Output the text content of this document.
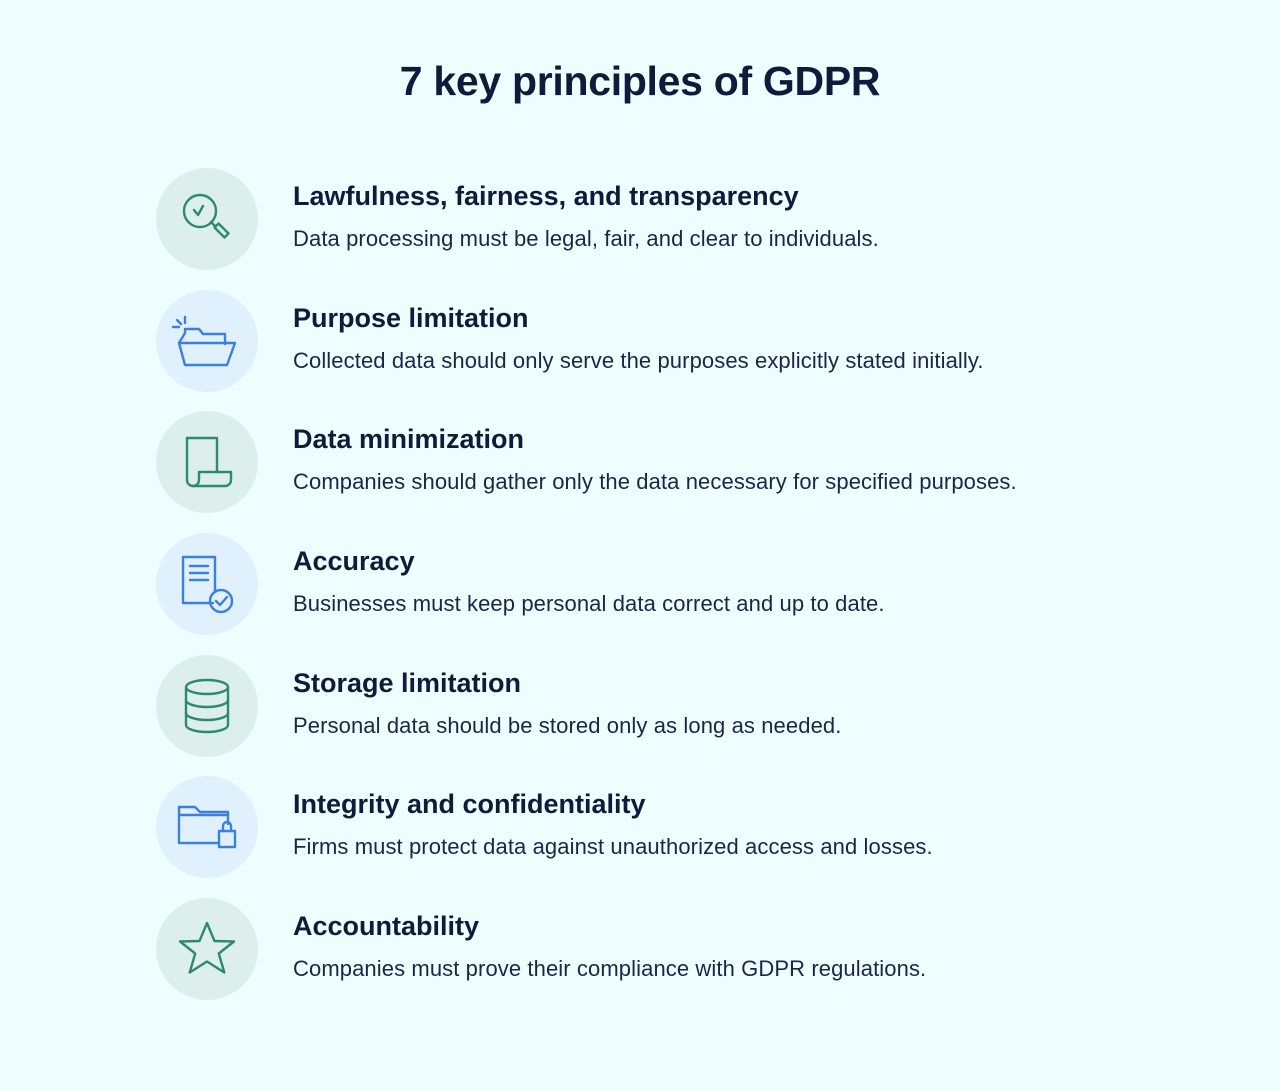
7 key principles of GDPR
Lawfulness, fairness, and transparency
Data processing must be legal, fair, and clear to individuals.
Purpose limitation
Collected data should only serve the purposes explicitly stated initially.
Data minimization
Companies should gather only the data necessary for specified purposes.
Accuracy
Businesses must keep personal data correct and up to date.
Storage limitation
Personal data should be stored only as long as needed.
Integrity and confidentiality
Firms must protect data against unauthorized access and losses.
Accountability
Companies must prove their compliance with GDPR regulations.
